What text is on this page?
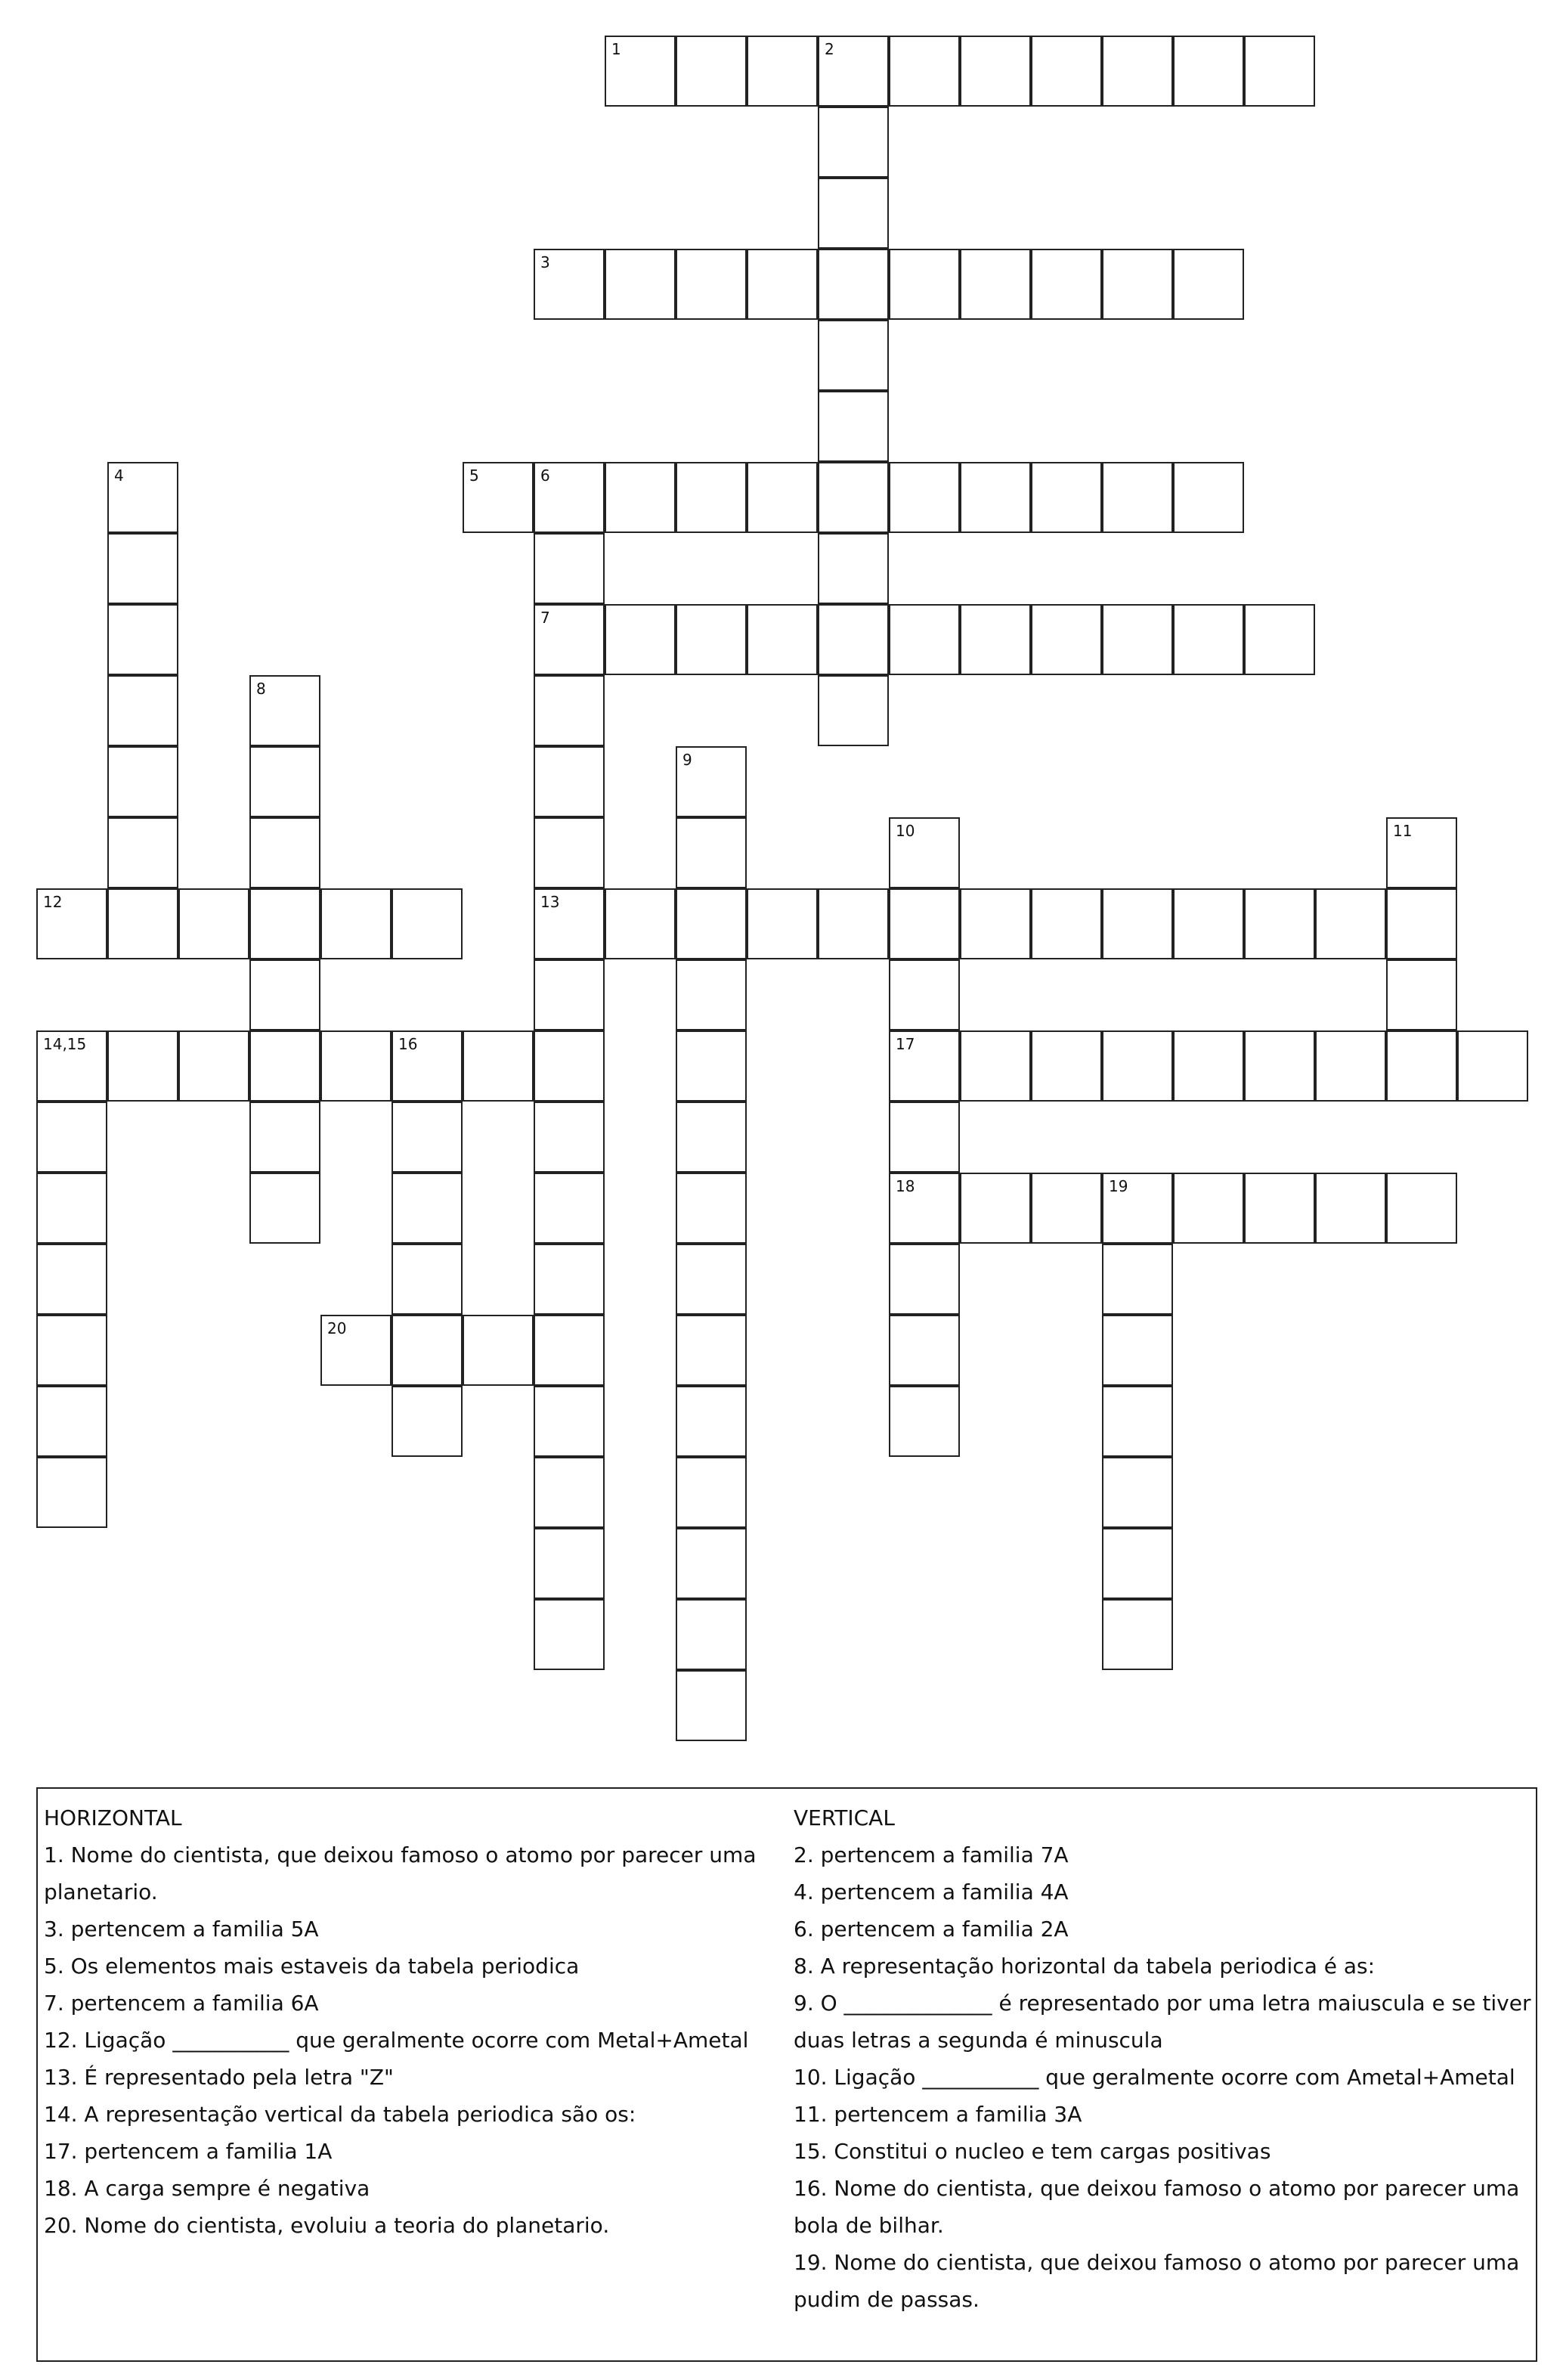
1	2
3
4	5	6
7
8
9
10	11
12	13
14,15	16	17
18	19
20

HORIZONTAL

1. Nome do cientista, que deixou famoso o atomo por parecer uma planetario.

3. pertencem a familia 5A

5. Os elementos mais estaveis da tabela periodica

7. pertencem a familia 6A

12. Ligação ___________ que geralmente ocorre com Metal+Ametal

13. É representado pela letra "Z"

14. A representação vertical da tabela periodica são os:

17. pertencem a familia 1A

18. A carga sempre é negativa

20. Nome do cientista, evoluiu a teoria do planetario.

VERTICAL

2. pertencem a familia 7A

4. pertencem a familia 4A

6. pertencem a familia 2A

8. A representação horizontal da tabela periodica é as:

9. O ______________ é representado por uma letra maiuscula e se tiver duas letras a segunda é minuscula

10. Ligação ___________ que geralmente ocorre com Ametal+Ametal

11. pertencem a familia 3A

15. Constitui o nucleo e tem cargas positivas

16. Nome do cientista, que deixou famoso o atomo por parecer uma bola de bilhar.

19. Nome do cientista, que deixou famoso o atomo por parecer uma pudim de passas.
